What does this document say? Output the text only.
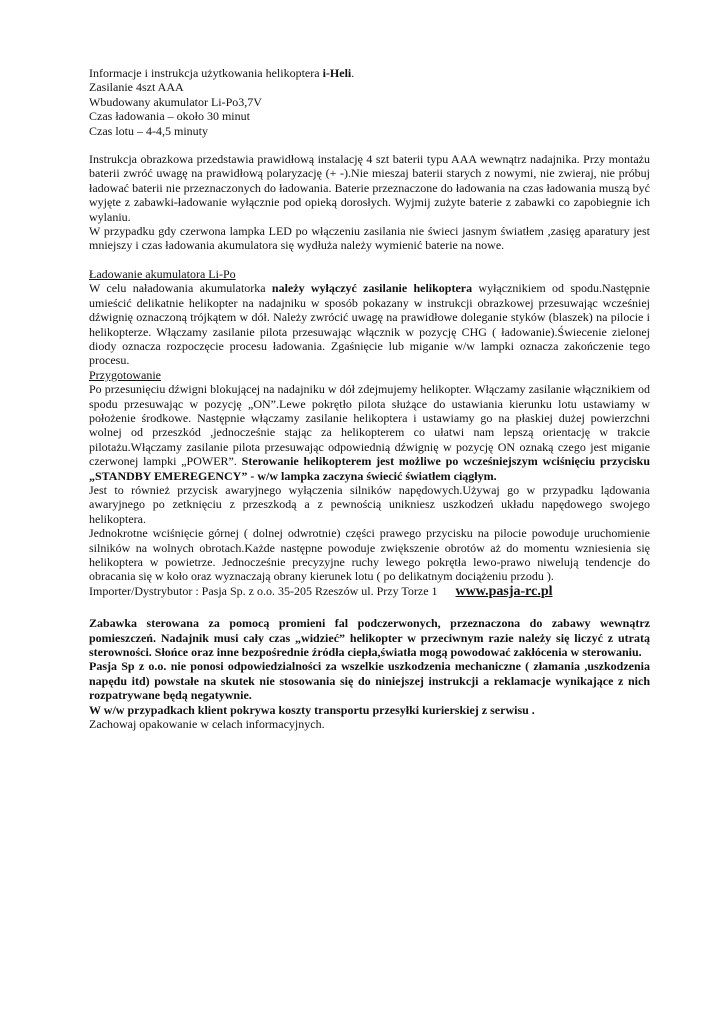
Informacje i instrukcja użytkowania helikoptera i-Heli.

Zasilanie 4szt AAA

Wbudowany akumulator Li-Po3,7V

Czas ładowania – około 30 minut

Czas lotu – 4-4,5 minuty

Instrukcja obrazkowa przedstawia prawidłową instalację 4 szt baterii typu AAA wewnątrz nadajnika. Przy montażu baterii zwróć uwagę na prawidłową polaryzację (+ -).Nie mieszaj baterii starych z nowymi, nie zwieraj, nie próbuj ładować baterii nie przeznaczonych do ładowania. Baterie przeznaczone do ładowania na czas ładowania muszą być wyjęte z zabawki-ładowanie wyłącznie pod opieką dorosłych. Wyjmij zużyte baterie z zabawki co zapobiegnie ich wylaniu.

W przypadku gdy czerwona lampka LED po włączeniu zasilania nie świeci jasnym światłem ,zasięg aparatury jest mniejszy i czas ładowania akumulatora się wydłuża należy wymienić baterie na nowe.

Ładowanie akumulatora Li-Po

W celu naładowania akumulatorka należy wyłączyć zasilanie helikoptera wyłącznikiem od spodu.Następnie umieścić delikatnie helikopter na nadajniku w sposób pokazany w instrukcji obrazkowej przesuwając wcześniej dźwignię oznaczoną trójkątem w dół. Należy zwrócić uwagę na prawidłowe doleganie styków (blaszek) na pilocie i helikopterze. Włączamy zasilanie pilota przesuwając włącznik w pozycję CHG ( ładowanie).Świecenie zielonej diody oznacza rozpoczęcie procesu ładowania. Zgaśnięcie lub miganie w/w lampki oznacza zakończenie tego procesu.

Przygotowanie

Po przesunięciu dźwigni blokującej na nadajniku w dół zdejmujemy helikopter. Włączamy zasilanie włącznikiem od spodu przesuwając w pozycję „ON”.Lewe pokrętło pilota służące do ustawiania kierunku lotu ustawiamy w położenie środkowe. Następnie włączamy zasilanie helikoptera i ustawiamy go na płaskiej dużej powierzchni wolnej od przeszkód ,jednocześnie stając za helikopterem co ułatwi nam lepszą orientację w trakcie pilotażu.Włączamy zasilanie pilota przesuwając odpowiednią dźwignię w pozycję ON oznaką czego jest miganie czerwonej lampki „POWER”. Sterowanie helikopterem jest możliwe po wcześniejszym wciśnięciu przycisku „STANDBY EMEREGENCY” - w/w lampka zaczyna świecić światłem ciągłym.

Jest to również przycisk awaryjnego wyłączenia silników napędowych.Używaj go w przypadku lądowania awaryjnego po zetknięciu z przeszkodą a z pewnością unikniesz uszkodzeń układu napędowego swojego helikoptera.

Jednokrotne wciśnięcie górnej ( dolnej odwrotnie) części prawego przycisku na pilocie powoduje uruchomienie silników na wolnych obrotach.Każde następne powoduje zwiększenie obrotów aż do momentu wzniesienia się helikoptera w powietrze. Jednocześnie precyzyjne ruchy lewego pokrętła lewo-prawo niwelują tendencje do obracania się w koło oraz wyznaczają obrany kierunek lotu ( po delikatnym dociążeniu przodu ).

Importer/Dystrybutor : Pasja Sp. z o.o. 35-205 Rzeszów ul. Przy Torze 1 www.pasja-rc.pl

Zabawka sterowana za pomocą promieni fal podczerwonych, przeznaczona do zabawy wewnątrz pomieszczeń. Nadajnik musi cały czas „widzieć” helikopter w przeciwnym razie należy się liczyć z utratą sterowności. Słońce oraz inne bezpośrednie źródła ciepła,światła mogą powodować zakłócenia w sterowaniu.

Pasja Sp z o.o. nie ponosi odpowiedzialności za wszelkie uszkodzenia mechaniczne ( złamania ,uszkodzenia napędu itd) powstałe na skutek nie stosowania się do niniejszej instrukcji a reklamacje wynikające z nich rozpatrywane będą negatywnie.

W w/w przypadkach klient pokrywa koszty transportu przesyłki kurierskiej z serwisu .

Zachowaj opakowanie w celach informacyjnych.
